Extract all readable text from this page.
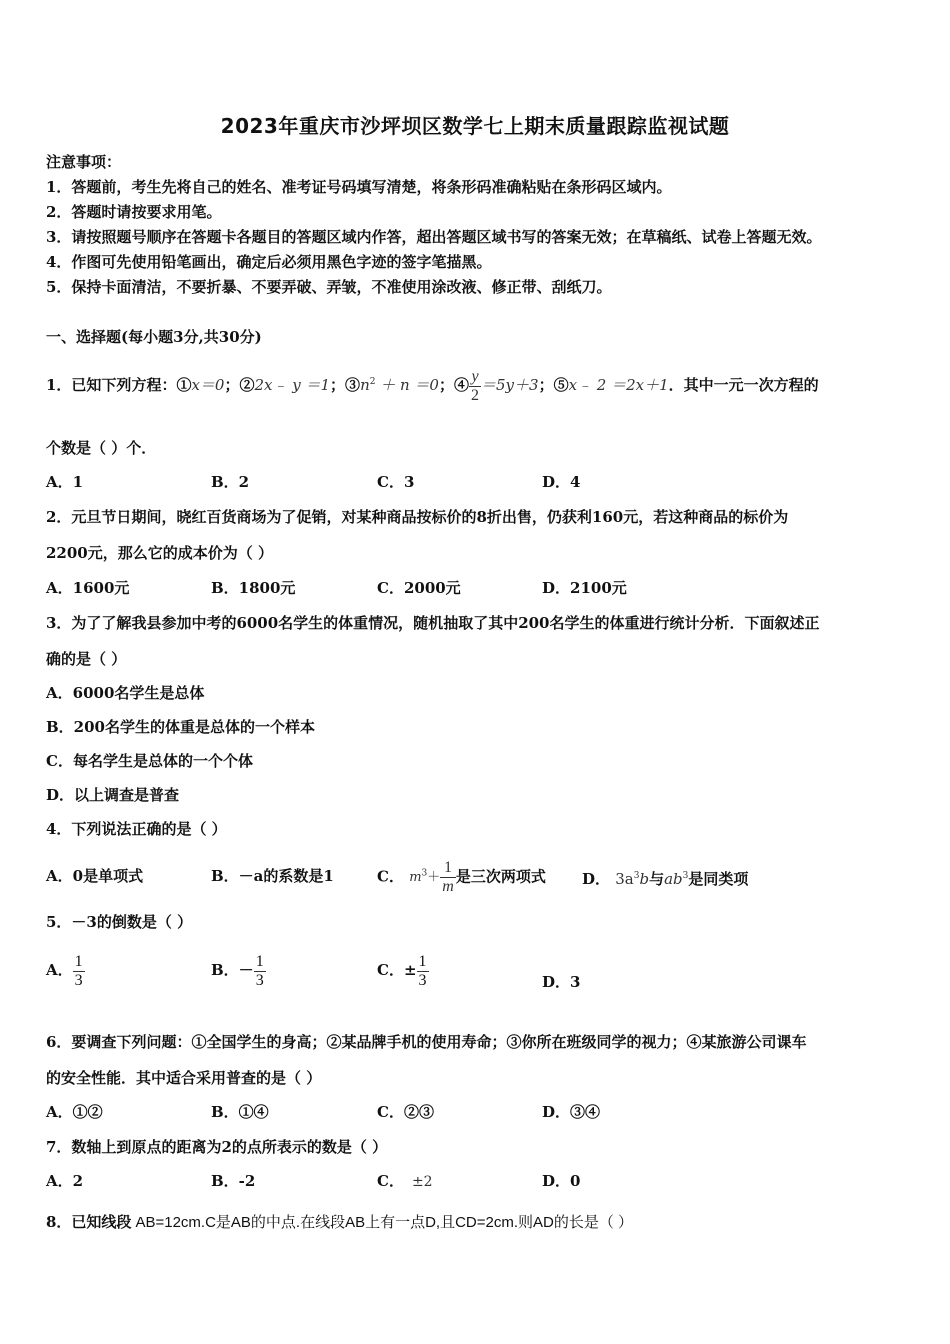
2023年重庆市沙坪坝区数学七上期末质量跟踪监视试题
注意事项：
1．答题前，考生先将自己的姓名、准考证号码填写清楚，将条形码准确粘贴在条形码区域内。
2．答题时请按要求用笔。
3．请按照题号顺序在答题卡各题目的答题区域内作答，超出答题区域书写的答案无效；在草稿纸、试卷上答题无效。
4．作图可先使用铅笔画出，确定后必须用黑色字迹的签字笔描黑。
5．保持卡面清洁，不要折暴、不要弄破、弄皱，不准使用涂改液、修正带、刮纸刀。
一、选择题(每小题3分,共30分)
1．已知下列方程：①x＝0；②2x﹣ y ＝1；$③n^2 + n =0$；④ $\frac{y}{2} =5y+3$；⑤x﹣ 2 ＝2x＋1．其中一元一次方程的
个数是（ ）个．
A．1	B．2	C．3	D．4
2．元旦节日期间，晓红百货商场为了促销，对某种商品按标价的8折出售，仍获利160元，若这种商品的标价为
2200元，那么它的成本价为（ ）
A．1600元	B．1800元	C．2000元	D．2100元
3．为了了解我县参加中考的6000名学生的体重情况，随机抽取了其中200名学生的体重进行统计分析．下面叙述正
确的是（ ）
A．6000名学生是总体
B．200名学生的体重是总体的一个样本
C．每名学生是总体的一个个体
D．以上调查是普查
4．下列说法正确的是（ ）
A．0是单项式	B．－a的系数是1	C． $m^3+ \frac{1}{m}$ 是三次两项式 D． $3a^3b$与$ab^3$是同类项
5．－3的倒数是（ ）
A． $\frac{1}{3}$	B．－ $\frac{1}{3}$	C．± $\frac{1}{3}$	D．3
6．要调查下列问题：①全国学生的身高；②某品牌手机的使用寿命；③你所在班级同学的视力；④某旅游公司课车
的安全性能．其中适合采用普查的是（ ）
A．①②	B．①④	C．②③	D．③④
7．数轴上到原点的距离为2的点所表示的数是（ ）
A．2	B．-2	C． ±2	D．0
8．已知线段 AB=12cm.C是AB的中点.在线段AB上有一点D,且CD=2cm.则AD的长是（ ）
